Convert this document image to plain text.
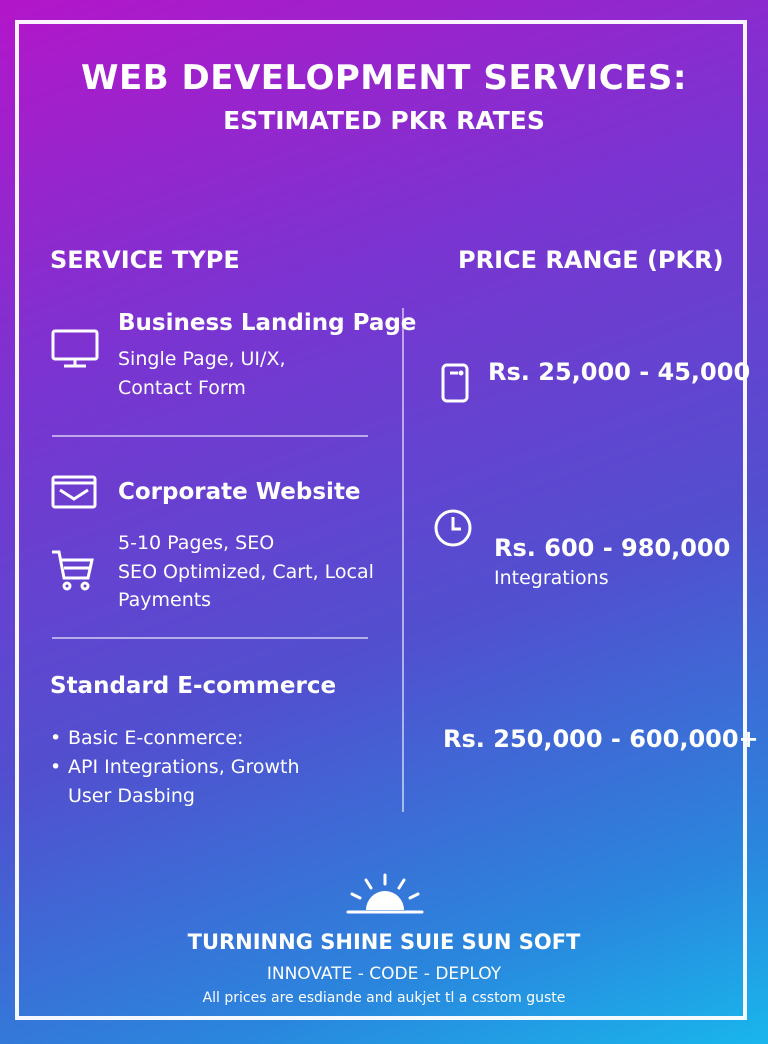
WEB DEVELOPMENT SERVICES:
ESTIMATED PKR RATES
SERVICE TYPE	PRICE RANGE (PKR)
Business Landing Page
Single Page, UI/X,
Contact Form
Corporate Website
5-10 Pages, SEO
SEO Optimized, Cart, Local
Payments
Standard E-commerce
• Basic E-conmerce:
• API Integrations, Growth
User Dasbing
Rs. 25,000 - 45,000
Rs. 600 - 980,000
Integrations
Rs. 250,000 - 600,000+
TURNINNG SHINE SUIE SUN SOFT
INNOVATE - CODE - DEPLOY
All prices are esdiande and aukjet tl a csstom guste
